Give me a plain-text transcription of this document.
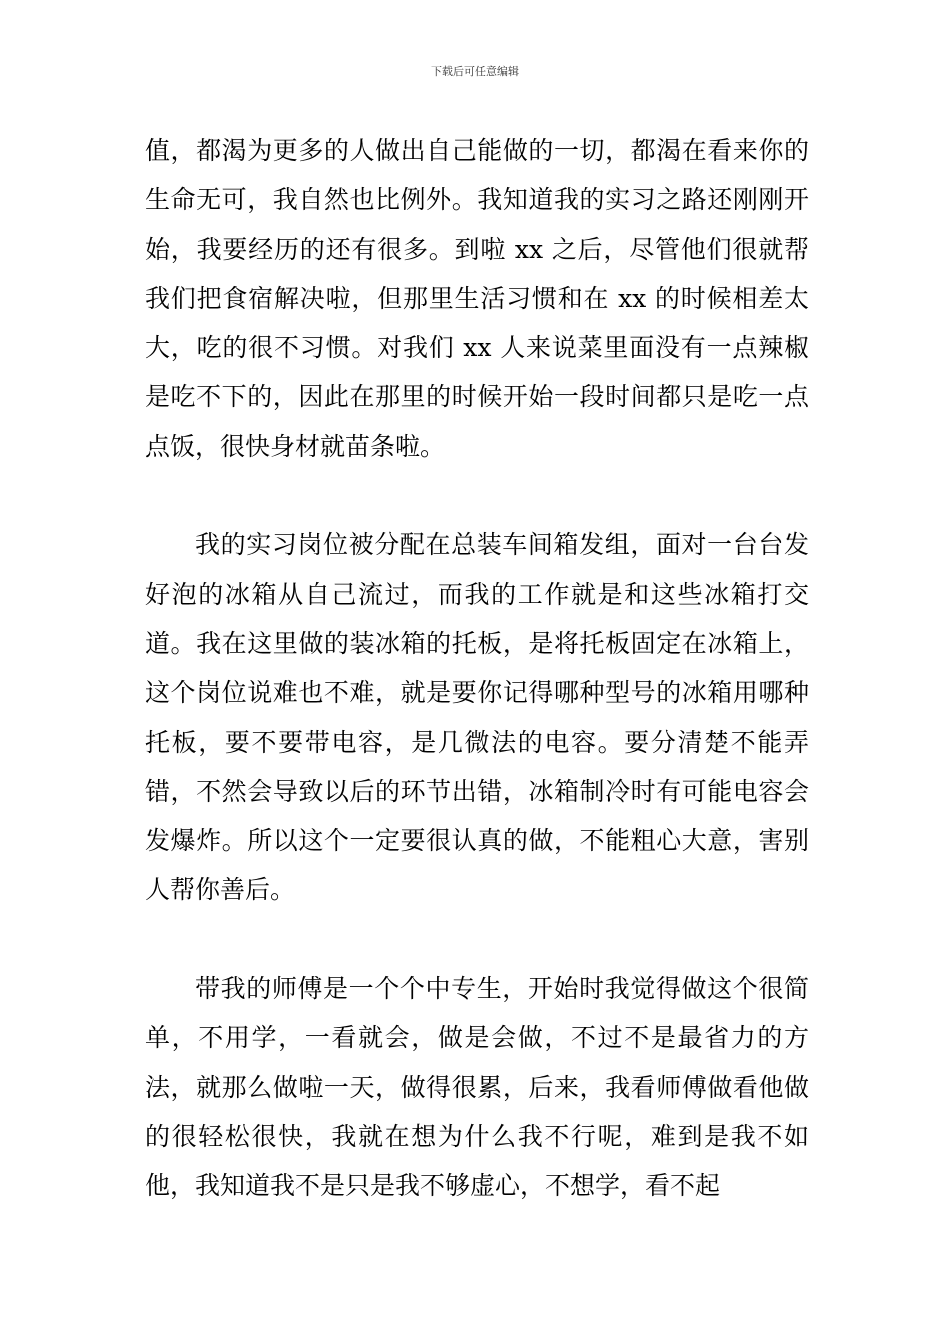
下载后可任意编辑

值，都渴为更多的人做出自己能做的一切，都渴在看来你的生命无可，我自然也比例外。我知道我的实习之路还刚刚开始，我要经历的还有很多。到啦 xx 之后，尽管他们很就帮我们把食宿解决啦，但那里生活习惯和在 xx 的时候相差太大，吃的很不习惯。对我们 xx 人来说菜里面没有一点辣椒是吃不下的，因此在那里的时候开始一段时间都只是吃一点点饭，很快身材就苗条啦。

我的实习岗位被分配在总装车间箱发组，面对一台台发好泡的冰箱从自己流过，而我的工作就是和这些冰箱打交道。我在这里做的装冰箱的托板，是将托板固定在冰箱上，这个岗位说难也不难，就是要你记得哪种型号的冰箱用哪种托板，要不要带电容，是几微法的电容。要分清楚不能弄错，不然会导致以后的环节出错，冰箱制冷时有可能电容会发爆炸。所以这个一定要很认真的做，不能粗心大意，害别人帮你善后。

带我的师傅是一个个中专生，开始时我觉得做这个很简单，不用学，一看就会，做是会做，不过不是最省力的方法，就那么做啦一天，做得很累，后来，我看师傅做看他做的很轻松很快，我就在想为什么我不行呢，难到是我不如他，我知道我不是只是我不够虚心，不想学，看不起
